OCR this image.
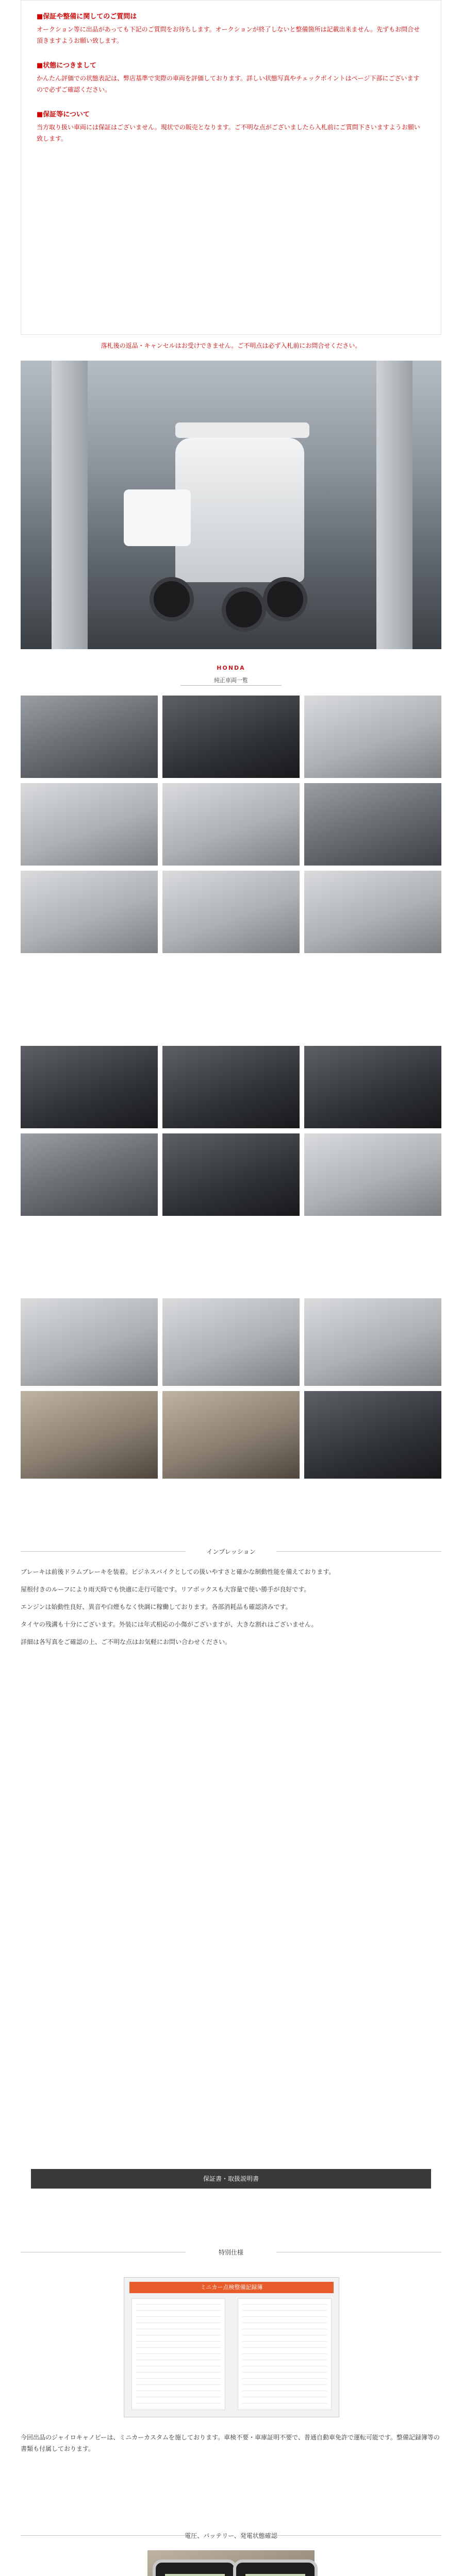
■保証や整備に関してのご質問は

オークション等に出品があっても下記のご質問をお待ちします。オークションが終了しないと整備箇所は記載出来ません。先ずもお問合せ頂きますようお願い致します。

■状態につきまして

かんたん評価での状態表記は、弊店基準で実際の車両を評価しております。詳しい状態写真やチェックポイントはページ下部にございますので必ずご確認ください。

■保証等について

当方取り扱い車両には保証はございません。現状での販売となります。ご不明な点がございましたら入札前にご質問下さいますようお願い致します。

落札後の返品・キャンセルはお受けできません。ご不明点は必ず入札前にお問合せください。
HONDA
純正車両一覧
インプレッション

ブレーキは前後ドラムブレーキを装着。ビジネスバイクとしての扱いやすさと確かな制動性能を備えております。

屋根付きのルーフにより雨天時でも快適に走行可能です。リアボックスも大容量で使い勝手が良好です。

エンジンは始動性良好、異音や白煙もなく快調に稼働しております。各部消耗品も確認済みです。

タイヤの残溝も十分にございます。外装には年式相応の小傷がございますが、大きな割れはございません。

詳細は各写真をご確認の上、ご不明な点はお気軽にお問い合わせください。

保証書・取扱説明書
特別仕様
ミニカー点検整備記録簿

今回出品のジャイロキャノピーは、ミニカーカスタムを施しております。車検不要・車庫証明不要で、普通自動車免許で運転可能です。整備記録簿等の書類も付属しております。

電圧、バッテリー、発電状態確認
